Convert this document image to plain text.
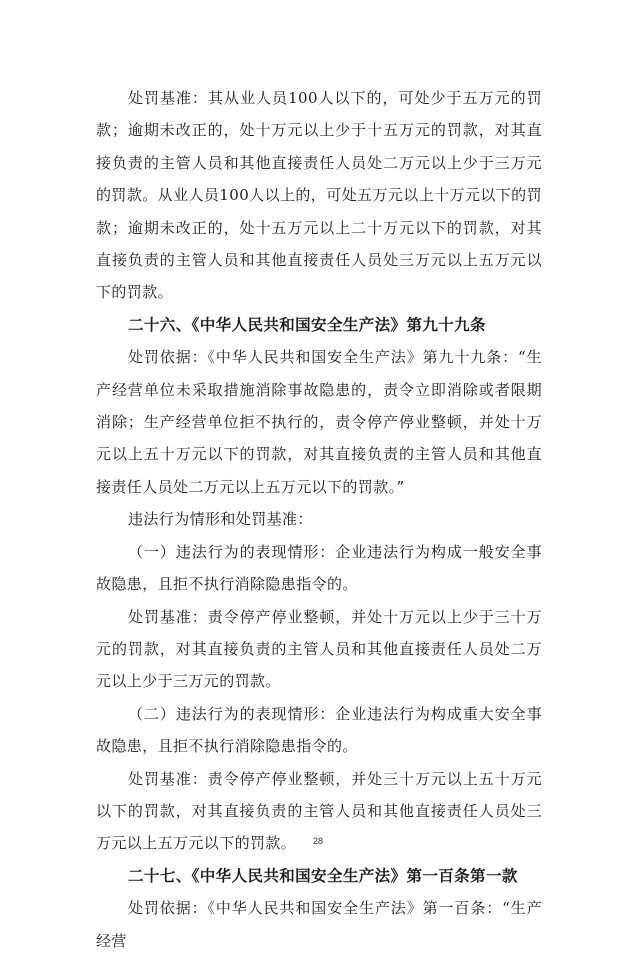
处罚基准：其从业人员100人以下的，可处少于五万元的罚款；逾期未改正的，处十万元以上少于十五万元的罚款，对其直接负责的主管人员和其他直接责任人员处二万元以上少于三万元的罚款。从业人员100人以上的，可处五万元以上十万元以下的罚款；逾期未改正的，处十五万元以上二十万元以下的罚款，对其直接负责的主管人员和其他直接责任人员处三万元以上五万元以下的罚款。

二十六、《中华人民共和国安全生产法》第九十九条

处罚依据：《中华人民共和国安全生产法》第九十九条：“生产经营单位未采取措施消除事故隐患的，责令立即消除或者限期消除；生产经营单位拒不执行的，责令停产停业整顿，并处十万元以上五十万元以下的罚款，对其直接负责的主管人员和其他直接责任人员处二万元以上五万元以下的罚款。”

违法行为情形和处罚基准：

（一）违法行为的表现情形：企业违法行为构成一般安全事故隐患，且拒不执行消除隐患指令的。

处罚基准：责令停产停业整顿，并处十万元以上少于三十万元的罚款，对其直接负责的主管人员和其他直接责任人员处二万元以上少于三万元的罚款。

（二）违法行为的表现情形：企业违法行为构成重大安全事故隐患，且拒不执行消除隐患指令的。

处罚基准：责令停产停业整顿，并处三十万元以上五十万元以下的罚款，对其直接负责的主管人员和其他直接责任人员处三万元以上五万元以下的罚款。

二十七、《中华人民共和国安全生产法》第一百条第一款

处罚依据：《中华人民共和国安全生产法》第一百条：“生产经营

28
